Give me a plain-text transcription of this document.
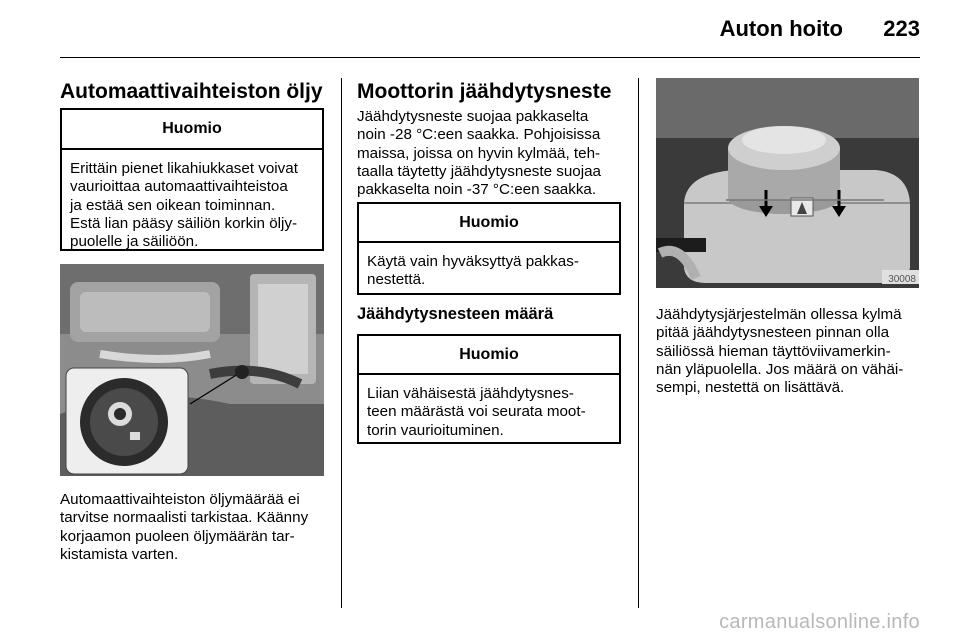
Auton hoito 223
Automaattivaihteiston öljy
Huomio
Erittäin pienet likahiukkaset voivat
vaurioittaa automaattivaihteistoa
ja estää sen oikean toiminnan.
Estä lian pääsy säiliön korkin öljy-
puolelle ja säiliöön.
Automaattivaihteiston öljymäärää ei
tarvitse normaalisti tarkistaa. Käänny
korjaamon puoleen öljymäärän tar-
kistamista varten.
Moottorin jäähdytysneste
Jäähdytysneste suojaa pakkaselta
noin -28 °C:een saakka. Pohjoisissa
maissa, joissa on hyvin kylmää, teh-
taalla täytetty jäähdytysneste suojaa
pakkaselta noin -37 °C:een saakka.
Huomio
Käytä vain hyväksyttyä pakkas-
nestettä.
Jäähdytysnesteen määrä
Huomio
Liian vähäisestä jäähdytysnes-
teen määrästä voi seurata moot-
torin vaurioituminen.
30008
Jäähdytysjärjestelmän ollessa kylmä
pitää jäähdytysnesteen pinnan olla
säiliössä hieman täyttöviivamerkin-
nän yläpuolella. Jos määrä on vähäi-
sempi, nestettä on lisättävä.
carmanualsonline.info
